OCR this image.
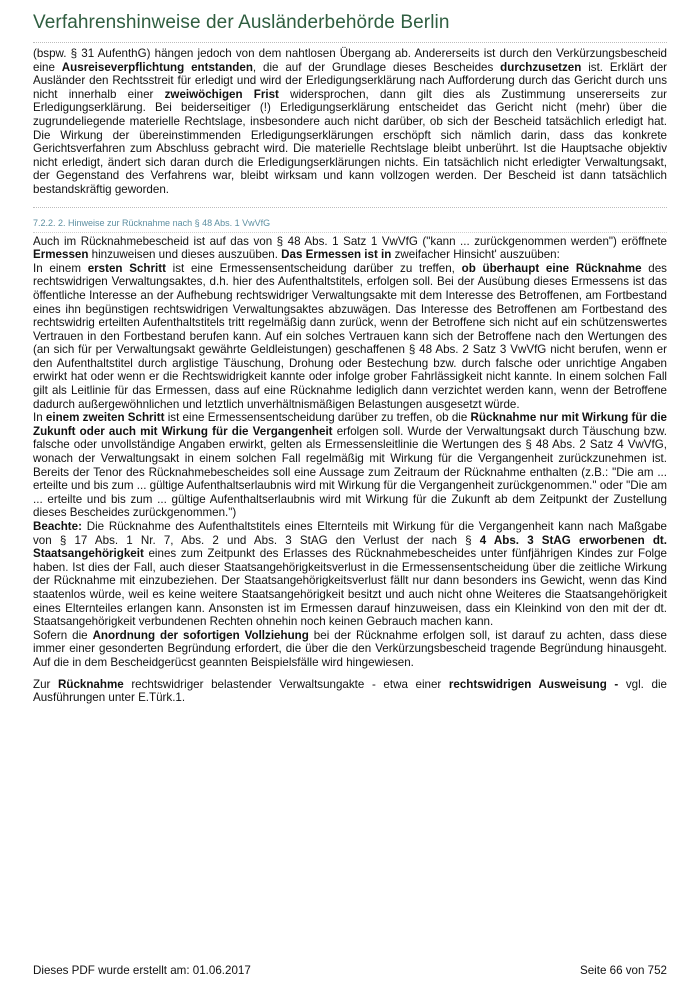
Verfahrenshinweise der Ausländerbehörde Berlin

(bspw. § 31 AufenthG) hängen jedoch von dem nahtlosen Übergang ab. Andererseits ist durch den Verkürzungsbescheid eine Ausreiseverpflichtung entstanden, die auf der Grundlage dieses Bescheides durchzusetzen ist. Erklärt der Ausländer den Rechtsstreit für erledigt und wird der Erledigungserklärung nach Aufforderung durch das Gericht durch uns nicht innerhalb einer zweiwöchigen Frist widersprochen, dann gilt dies als Zustimmung unsererseits zur Erledigungserklärung. Bei beiderseitiger (!) Erledigungserklärung entscheidet das Gericht nicht (mehr) über die zugrundeliegende materielle Rechtslage, insbesondere auch nicht darüber, ob sich der Bescheid tatsächlich erledigt hat. Die Wirkung der übereinstimmenden Erledigungserklärungen erschöpft sich nämlich darin, dass das konkrete Gerichtsverfahren zum Abschluss gebracht wird. Die materielle Rechtslage bleibt unberührt. Ist die Hauptsache objektiv nicht erledigt, ändert sich daran durch die Erledigungserklärungen nichts. Ein tatsächlich nicht erledigter Verwaltungsakt, der Gegenstand des Verfahrens war, bleibt wirksam und kann vollzogen werden. Der Bescheid ist dann tatsächlich bestandskräftig geworden.

7.2.2. 2. Hinweise zur Rücknahme nach § 48 Abs. 1 VwVfG

Auch im Rücknahmebescheid ist auf das von § 48 Abs. 1 Satz 1 VwVfG ("kann ... zurückgenommen werden") eröffnete Ermessen hinzuweisen und dieses auszuüben. Das Ermessen ist in zweifacher Hinsicht' auszuüben:

In einem ersten Schritt ist eine Ermessensentscheidung darüber zu treffen, ob überhaupt eine Rücknahme des rechtswidrigen Verwaltungsaktes, d.h. hier des Aufenthaltstitels, erfolgen soll. Bei der Ausübung dieses Ermessens ist das öffentliche Interesse an der Aufhebung rechtswidriger Verwaltungsakte mit dem Interesse des Betroffenen, am Fortbestand eines ihn begünstigen rechtswidrigen Verwaltungsaktes abzuwägen. Das Interesse des Betroffenen am Fortbestand des rechtswidrig erteilten Aufenthaltstitels tritt regelmäßig dann zurück, wenn der Betroffene sich nicht auf ein schützenswertes Vertrauen in den Fortbestand berufen kann. Auf ein solches Vertrauen kann sich der Betroffene nach den Wertungen des (an sich für per Verwaltungsakt gewährte Geldleistungen) geschaffenen § 48 Abs. 2 Satz 3 VwVfG nicht berufen, wenn er den Aufenthaltstitel durch arglistige Täuschung, Drohung oder Bestechung bzw. durch falsche oder unrichtige Angaben erwirkt hat oder wenn er die Rechtswidrigkeit kannte oder infolge grober Fahrlässigkeit nicht kannte. In einem solchen Fall gilt als Leitlinie für das Ermessen, dass auf eine Rücknahme lediglich dann verzichtet werden kann, wenn der Betroffene dadurch außergewöhnlichen und letztlich unverhältnismäßigen Belastungen ausgesetzt würde.

In einem zweiten Schritt ist eine Ermessensentscheidung darüber zu treffen, ob die Rücknahme nur mit Wirkung für die Zukunft oder auch mit Wirkung für die Vergangenheit erfolgen soll. Wurde der Verwaltungsakt durch Täuschung bzw. falsche oder unvollständige Angaben erwirkt, gelten als Ermessensleitlinie die Wertungen des § 48 Abs. 2 Satz 4 VwVfG, wonach der Verwaltungsakt in einem solchen Fall regelmäßig mit Wirkung für die Vergangenheit zurückzunehmen ist. Bereits der Tenor des Rücknahmebescheides soll eine Aussage zum Zeitraum der Rücknahme enthalten (z.B.: "Die am ... erteilte und bis zum ... gültige Aufenthaltserlaubnis wird mit Wirkung für die Vergangenheit zurückgenommen." oder "Die am ... erteilte und bis zum ... gültige Aufenthaltserlaubnis wird mit Wirkung für die Zukunft ab dem Zeitpunkt der Zustellung dieses Bescheides zurückgenommen.")

Beachte: Die Rücknahme des Aufenthaltstitels eines Elternteils mit Wirkung für die Vergangenheit kann nach Maßgabe von § 17 Abs. 1 Nr. 7, Abs. 2 und Abs. 3 StAG den Verlust der nach § 4 Abs. 3 StAG erworbenen dt. Staatsangehörigkeit eines zum Zeitpunkt des Erlasses des Rücknahmebescheides unter fünfjährigen Kindes zur Folge haben. Ist dies der Fall, auch dieser Staatsangehörigkeitsverlust in die Ermessensentscheidung über die zeitliche Wirkung der Rücknahme mit einzubeziehen. Der Staatsangehörigkeitsverlust fällt nur dann besonders ins Gewicht, wenn das Kind staatenlos würde, weil es keine weitere Staatsangehörigkeit besitzt und auch nicht ohne Weiteres die Staatsangehörigkeit eines Elternteiles erlangen kann. Ansonsten ist im Ermessen darauf hinzuweisen, dass ein Kleinkind von den mit der dt. Staatsangehörigkeit verbundenen Rechten ohnehin noch keinen Gebrauch machen kann.

Sofern die Anordnung der sofortigen Vollziehung bei der Rücknahme erfolgen soll, ist darauf zu achten, dass diese immer einer gesonderten Begründung erfordert, die über die den Verkürzungsbescheid tragende Begründung hinausgeht. Auf die in dem Bescheidgerücst geannten Beispielsfälle wird hingewiesen.

Zur Rücknahme rechtswidriger belastender Verwaltsungakte - etwa einer rechtswidrigen Ausweisung - vgl. die Ausführungen unter E.Türk.1.

Dieses PDF wurde erstellt am: 01.06.2017	Seite 66 von 752
